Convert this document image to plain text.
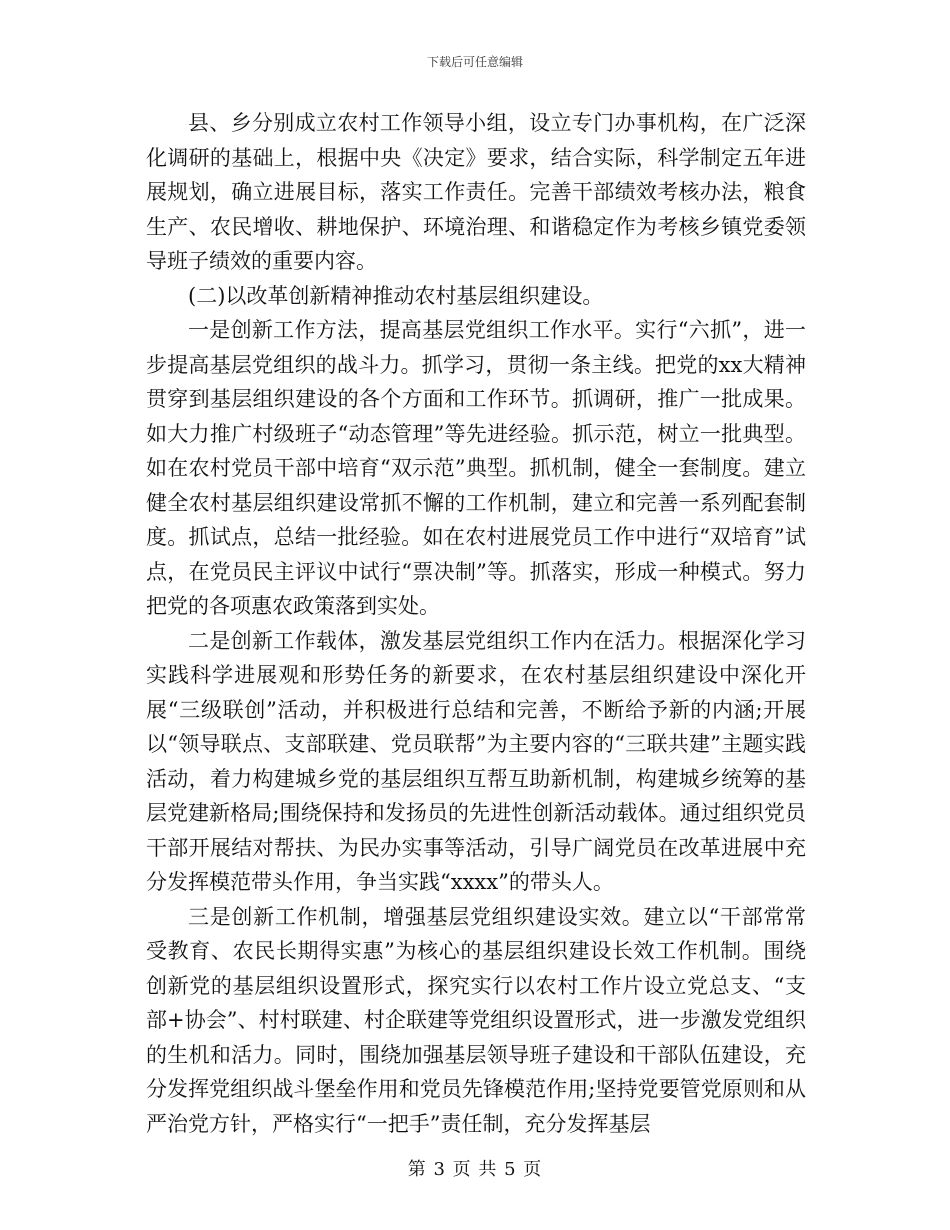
下载后可任意编辑

县、乡分别成立农村工作领导小组，设立专门办事机构，在广泛深化调研的基础上，根据中央《决定》要求，结合实际，科学制定五年进展规划，确立进展目标，落实工作责任。完善干部绩效考核办法，粮食生产、农民增收、耕地保护、环境治理、和谐稳定作为考核乡镇党委领导班子绩效的重要内容。

(二)以改革创新精神推动农村基层组织建设。

一是创新工作方法，提高基层党组织工作水平。实行“六抓”，进一步提高基层党组织的战斗力。抓学习，贯彻一条主线。把党的xx大精神贯穿到基层组织建设的各个方面和工作环节。抓调研，推广一批成果。如大力推广村级班子“动态管理”等先进经验。抓示范，树立一批典型。如在农村党员干部中培育“双示范”典型。抓机制，健全一套制度。建立健全农村基层组织建设常抓不懈的工作机制，建立和完善一系列配套制度。抓试点，总结一批经验。如在农村进展党员工作中进行“双培育”试点，在党员民主评议中试行“票决制”等。抓落实，形成一种模式。努力把党的各项惠农政策落到实处。

二是创新工作载体，激发基层党组织工作内在活力。根据深化学习实践科学进展观和形势任务的新要求，在农村基层组织建设中深化开展“三级联创”活动，并积极进行总结和完善，不断给予新的内涵;开展以“领导联点、支部联建、党员联帮”为主要内容的“三联共建”主题实践活动，着力构建城乡党的基层组织互帮互助新机制，构建城乡统筹的基层党建新格局;围绕保持和发扬员的先进性创新活动载体。通过组织党员干部开展结对帮扶、为民办实事等活动，引导广阔党员在改革进展中充分发挥模范带头作用，争当实践“xxxx”的带头人。

三是创新工作机制，增强基层党组织建设实效。建立以“干部常常受教育、农民长期得实惠”为核心的基层组织建设长效工作机制。围绕创新党的基层组织设置形式，探究实行以农村工作片设立党总支、“支部+协会”、村村联建、村企联建等党组织设置形式，进一步激发党组织的生机和活力。同时，围绕加强基层领导班子建设和干部队伍建设，充分发挥党组织战斗堡垒作用和党员先锋模范作用;坚持党要管党原则和从严治党方针，严格实行“一把手”责任制，充分发挥基层

第 3 页 共 5 页
